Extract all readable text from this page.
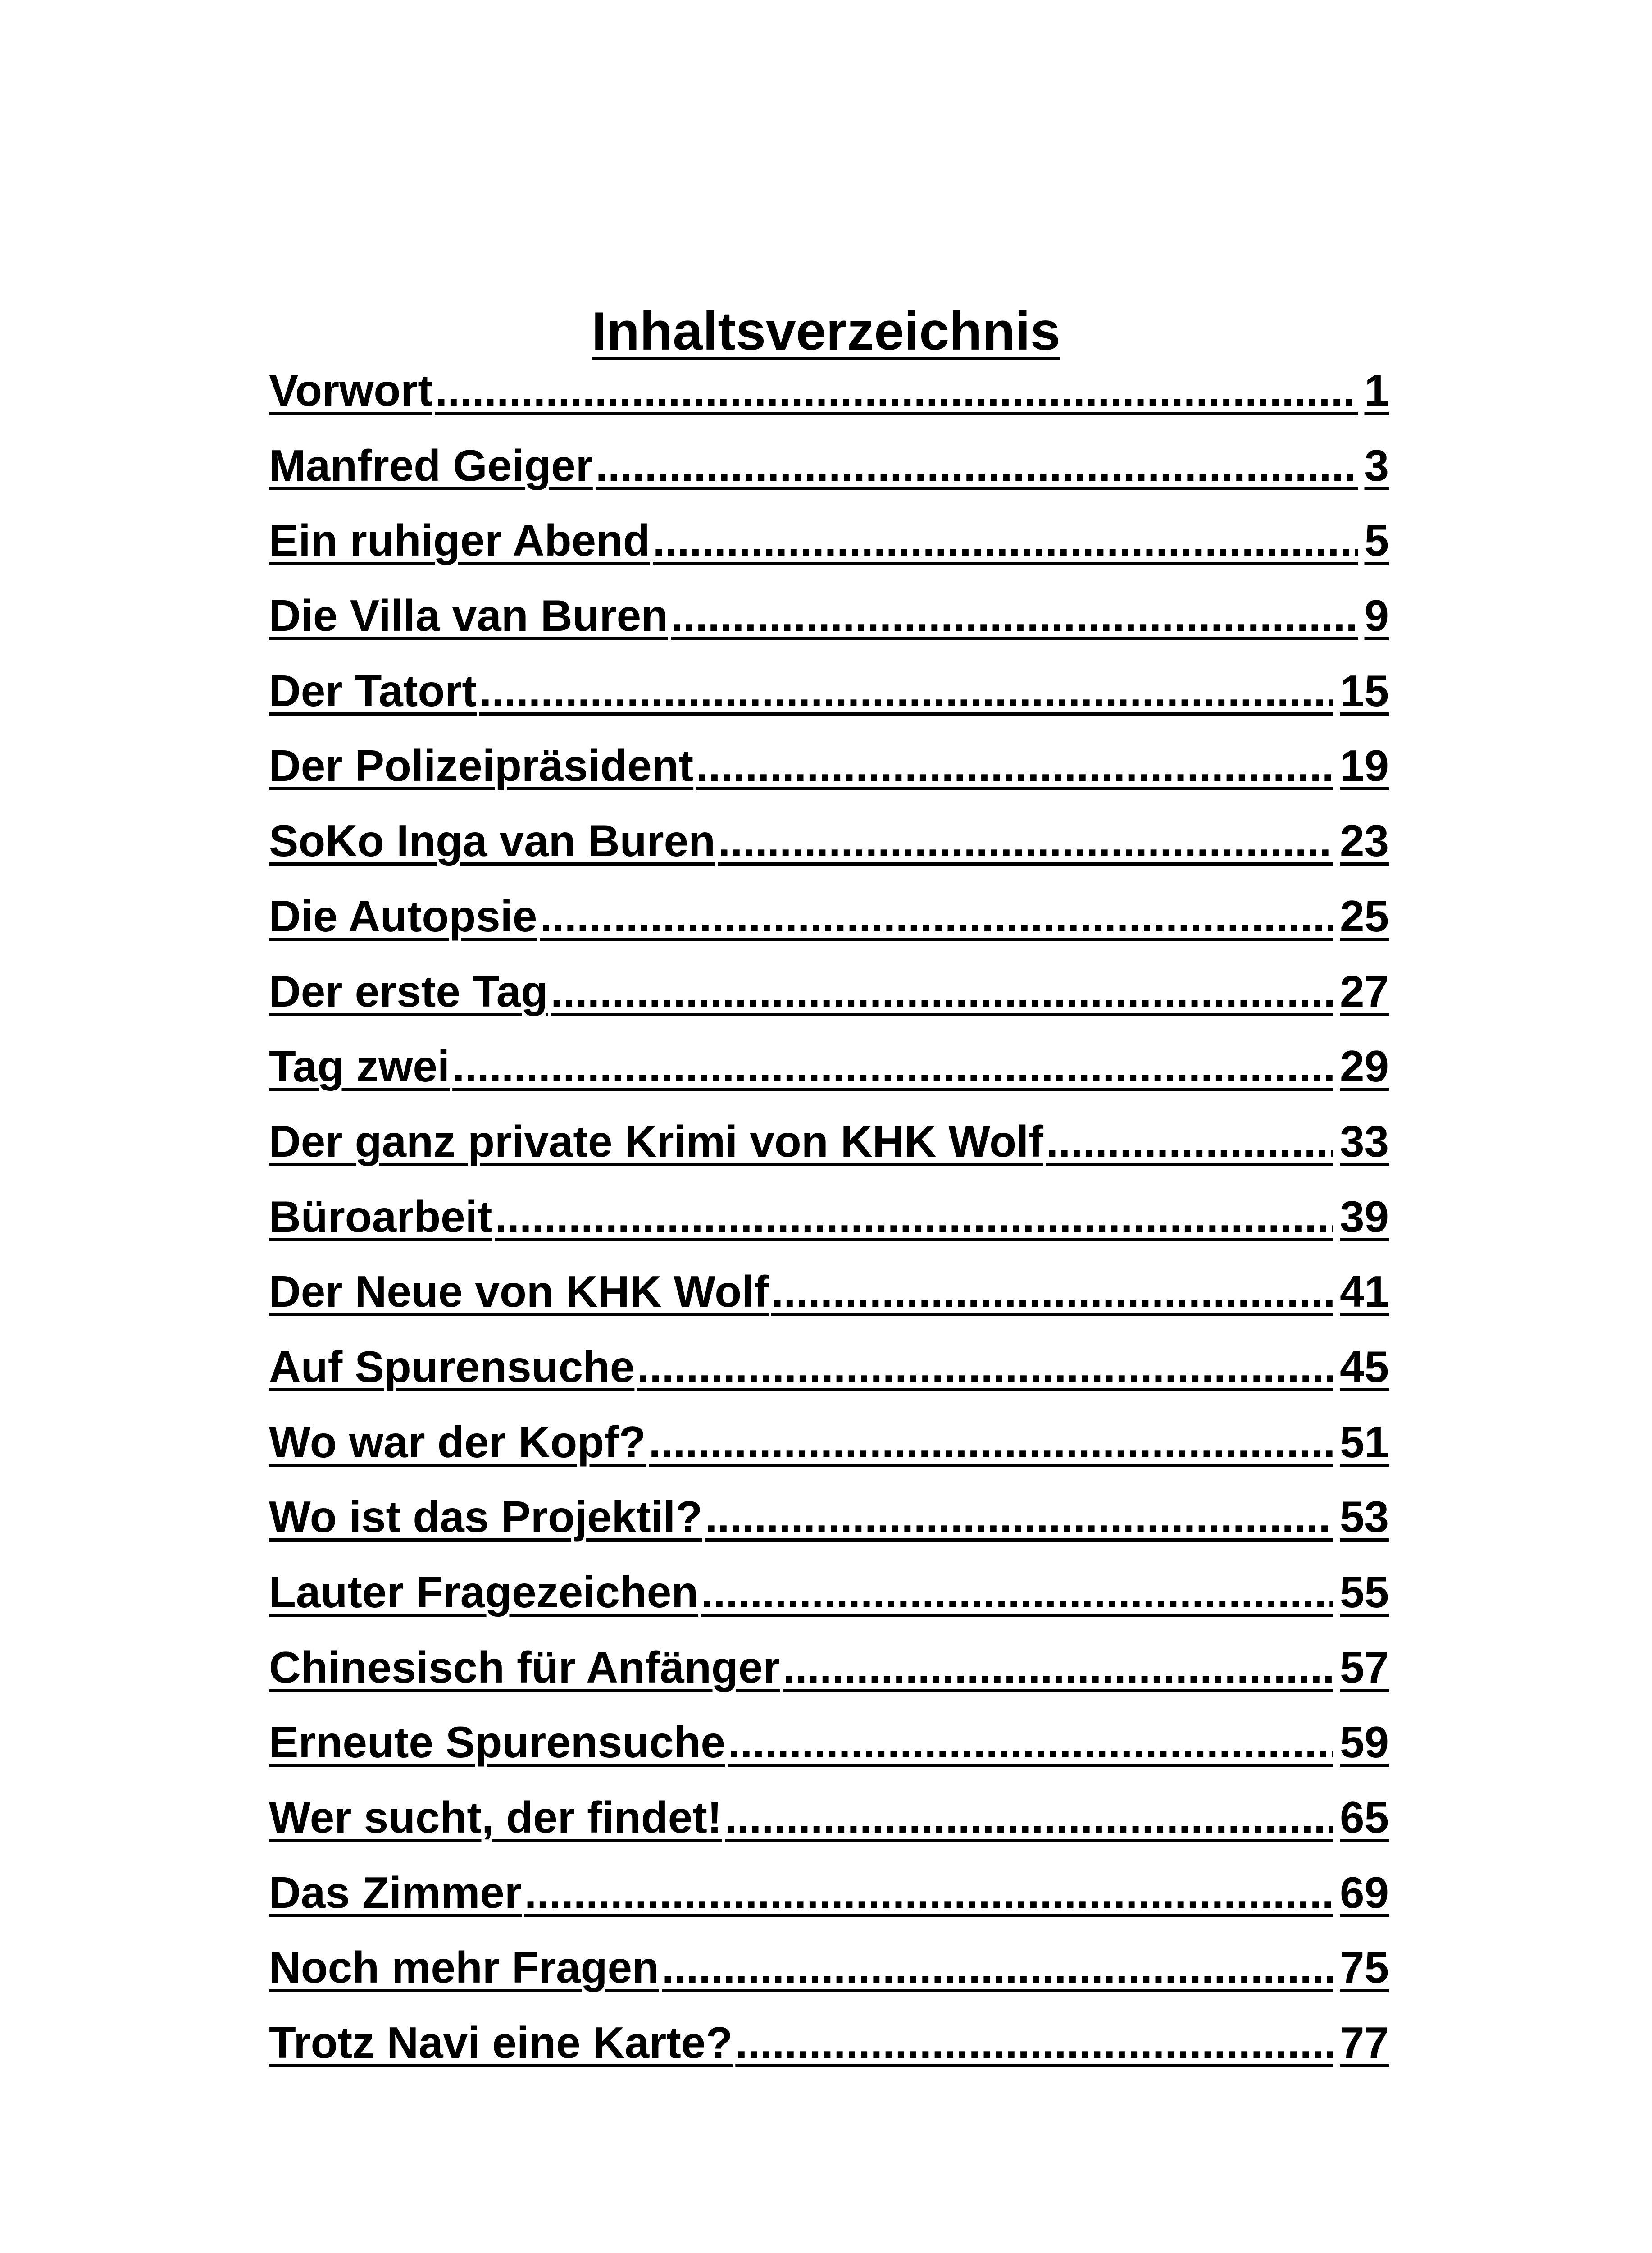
Inhaltsverzeichnis
Vorwort .....	1
Manfred Geiger .....	3
Ein ruhiger Abend .....	5
Die Villa van Buren .....	9
Der Tatort .....	15
Der Polizeipräsident .....	19
SoKo Inga van Buren .....	23
Die Autopsie .....	25
Der erste Tag .....	27
Tag zwei .....	29
Der ganz private Krimi von KHK Wolf .....	33
Büroarbeit .....	39
Der Neue von KHK Wolf .....	41
Auf Spurensuche .....	45
Wo war der Kopf? .....	51
Wo ist das Projektil? .....	53
Lauter Fragezeichen .....	55
Chinesisch für Anfänger .....	57
Erneute Spurensuche .....	59
Wer sucht, der findet! .....	65
Das Zimmer .....	69
Noch mehr Fragen .....	75
Trotz Navi eine Karte? .....	77
